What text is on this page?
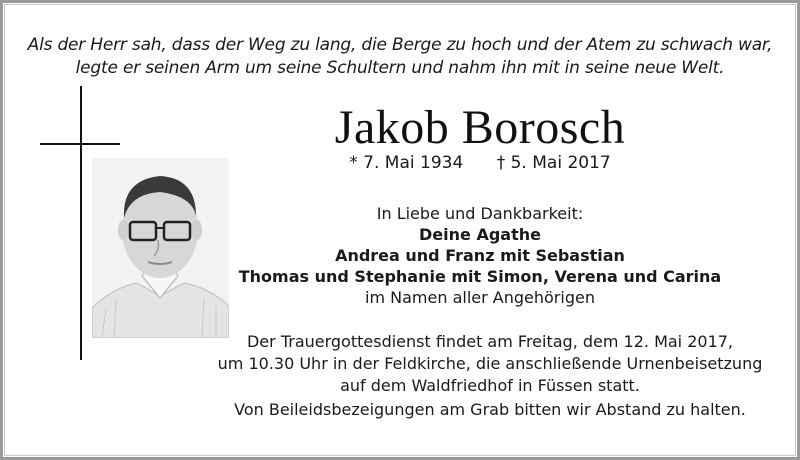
Als der Herr sah, dass der Weg zu lang, die Berge zu hoch und der Atem zu schwach war,
legte er seinen Arm um seine Schultern und nahm ihn mit in seine neue Welt.
Jakob Borosch
* 7. Mai 1934 † 5. Mai 2017
In Liebe und Dankbarkeit:
Deine Agathe
Andrea und Franz mit Sebastian
Thomas und Stephanie mit Simon, Verena und Carina
im Namen aller Angehörigen
Der Trauergottesdienst findet am Freitag, dem 12. Mai 2017,
um 10.30 Uhr in der Feldkirche, die anschließende Urnenbeisetzung
auf dem Waldfriedhof in Füssen statt.
Von Beileidsbezeigungen am Grab bitten wir Abstand zu halten.
